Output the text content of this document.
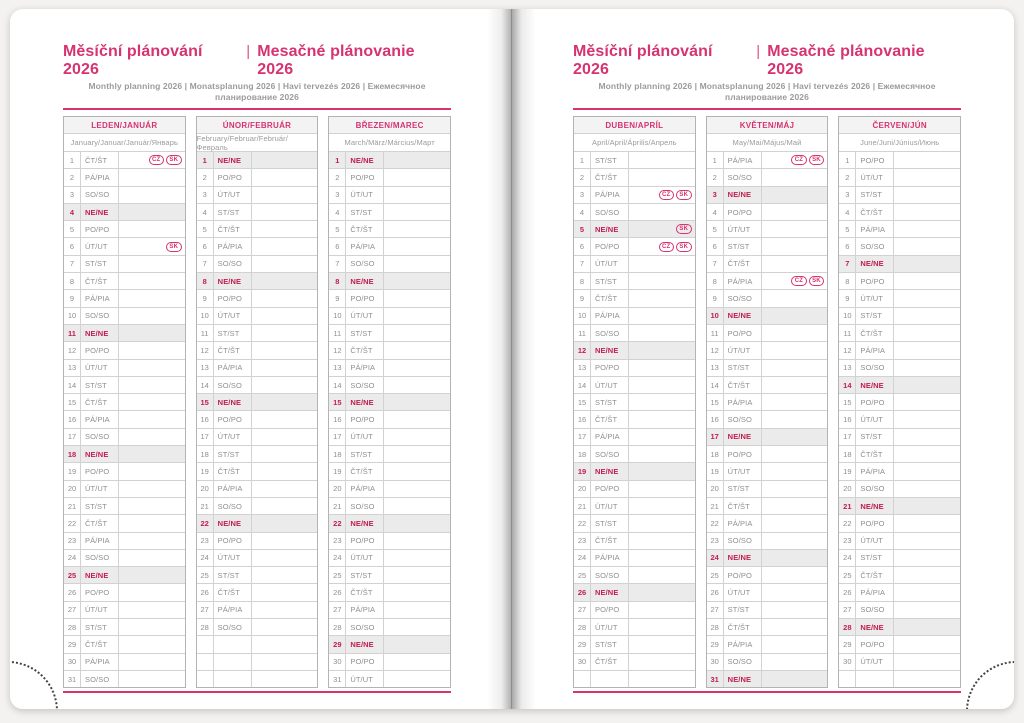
Měsíční plánování 2026
| Mesačné plánovanie 2026
Monthly planning 2026 | Monatsplanung 2026 | Havi tervezés 2026 | Ежемесячное планирование 2026
LEDEN/JANUÁR
January/Januar/Január/Январь
1	ČT/ŠT	CZ	SK
2	PÁ/PIA
3	SO/SO
4	NE/NE
5	PO/PO
6	ÚT/UT	SK
7	ST/ST
8	ČT/ŠT
9	PÁ/PIA
10	SO/SO
11	NE/NE
12	PO/PO
13	ÚT/UT
14	ST/ST
15	ČT/ŠT
16	PÁ/PIA
17	SO/SO
18	NE/NE
19	PO/PO
20	ÚT/UT
21	ST/ST
22	ČT/ŠT
23	PÁ/PIA
24	SO/SO
25	NE/NE
26	PO/PO
27	ÚT/UT
28	ST/ST
29	ČT/ŠT
30	PÁ/PIA
31	SO/SO
ÚNOR/FEBRUÁR
February/Februar/Február/Февраль
1	NE/NE
2	PO/PO
3	ÚT/UT
4	ST/ST
5	ČT/ŠT
6	PÁ/PIA
7	SO/SO
8	NE/NE
9	PO/PO
10	ÚT/UT
11	ST/ST
12	ČT/ŠT
13	PÁ/PIA
14	SO/SO
15	NE/NE
16	PO/PO
17	ÚT/UT
18	ST/ST
19	ČT/ŠT
20	PÁ/PIA
21	SO/SO
22	NE/NE
23	PO/PO
24	ÚT/UT
25	ST/ST
26	ČT/ŠT
27	PÁ/PIA
28	SO/SO
BŘEZEN/MAREC
March/März/Március/Март
1	NE/NE
2	PO/PO
3	ÚT/UT
4	ST/ST
5	ČT/ŠT
6	PÁ/PIA
7	SO/SO
8	NE/NE
9	PO/PO
10	ÚT/UT
11	ST/ST
12	ČT/ŠT
13	PÁ/PIA
14	SO/SO
15	NE/NE
16	PO/PO
17	ÚT/UT
18	ST/ST
19	ČT/ŠT
20	PÁ/PIA
21	SO/SO
22	NE/NE
23	PO/PO
24	ÚT/UT
25	ST/ST
26	ČT/ŠT
27	PÁ/PIA
28	SO/SO
29	NE/NE
30	PO/PO
31	ÚT/UT
Měsíční plánování 2026
| Mesačné plánovanie 2026
Monthly planning 2026 | Monatsplanung 2026 | Havi tervezés 2026 | Ежемесячное планирование 2026
DUBEN/APRÍL
April/April/Április/Апрель
1	ST/ST
2	ČT/ŠT
3	PÁ/PIA	CZ	SK
4	SO/SO
5	NE/NE	SK
6	PO/PO	CZ	SK
7	ÚT/UT
8	ST/ST
9	ČT/ŠT
10	PÁ/PIA
11	SO/SO
12	NE/NE
13	PO/PO
14	ÚT/UT
15	ST/ST
16	ČT/ŠT
17	PÁ/PIA
18	SO/SO
19	NE/NE
20	PO/PO
21	ÚT/UT
22	ST/ST
23	ČT/ŠT
24	PÁ/PIA
25	SO/SO
26	NE/NE
27	PO/PO
28	ÚT/UT
29	ST/ST
30	ČT/ŠT
KVĚTEN/MÁJ
May/Mai/Május/Май
1	PÁ/PIA	CZ	SK
2	SO/SO
3	NE/NE
4	PO/PO
5	ÚT/UT
6	ST/ST
7	ČT/ŠT
8	PÁ/PIA	CZ	SK
9	SO/SO
10	NE/NE
11	PO/PO
12	ÚT/UT
13	ST/ST
14	ČT/ŠT
15	PÁ/PIA
16	SO/SO
17	NE/NE
18	PO/PO
19	ÚT/UT
20	ST/ST
21	ČT/ŠT
22	PÁ/PIA
23	SO/SO
24	NE/NE
25	PO/PO
26	ÚT/UT
27	ST/ST
28	ČT/ŠT
29	PÁ/PIA
30	SO/SO
31	NE/NE
ČERVEN/JÚN
June/Juni/Június/Июнь
1	PO/PO
2	ÚT/UT
3	ST/ST
4	ČT/ŠT
5	PÁ/PIA
6	SO/SO
7	NE/NE
8	PO/PO
9	ÚT/UT
10	ST/ST
11	ČT/ŠT
12	PÁ/PIA
13	SO/SO
14	NE/NE
15	PO/PO
16	ÚT/UT
17	ST/ST
18	ČT/ŠT
19	PÁ/PIA
20	SO/SO
21	NE/NE
22	PO/PO
23	ÚT/UT
24	ST/ST
25	ČT/ŠT
26	PÁ/PIA
27	SO/SO
28	NE/NE
29	PO/PO
30	ÚT/UT
